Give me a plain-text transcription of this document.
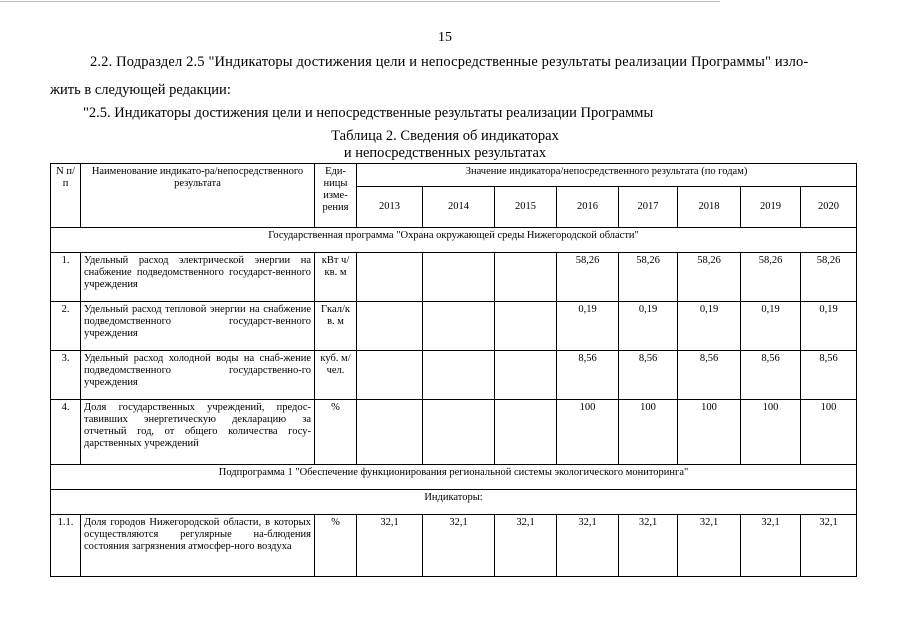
15
2.2. Подраздел 2.5 "Индикаторы достижения цели и непосредственные результаты реализации Программы" изло-
жить в следующей редакции:
"2.5. Индикаторы достижения цели и непосредственные результаты реализации Программы
Таблица 2. Сведения об индикаторах
и непосредственных результатах
N п/п	Наименование индикато-ра/непосредственного результата	Еди-ницы изме-рения	Значение индикатора/непосредственного результата (по годам)							
			2013	2014	2015	2016	2017	2018	2019	2020
Государственная программа "Охрана окружающей среды Нижегородской области"										
1.	Удельный расход электрической энергии на снабжение подведомственного государст-венного учреждения	кВт ч/кв. м				58,26	58,26	58,26	58,26	58,26
2.	Удельный расход тепловой энергии на снабжение подведомственного государст-венного учреждения	Гкал/к в. м				0,19	0,19	0,19	0,19	0,19
3.	Удельный расход холодной воды на снаб-жение подведомственного государственно-го учреждения	куб. м/чел.				8,56	8,56	8,56	8,56	8,56
4.	Доля государственных учреждений, предос-тавивших энергетическую декларацию за отчетный год, от общего количества госу-дарственных учреждений	%				100	100	100	100	100
Подпрограмма 1 "Обеспечение функционирования региональной системы экологического мониторинга"										
Индикаторы:										
1.1.	Доля городов Нижегородской области, в которых осуществляются регулярные на-блюдения состояния загрязнения атмосфер-ного воздуха	%	32,1	32,1	32,1	32,1	32,1	32,1	32,1	32,1
